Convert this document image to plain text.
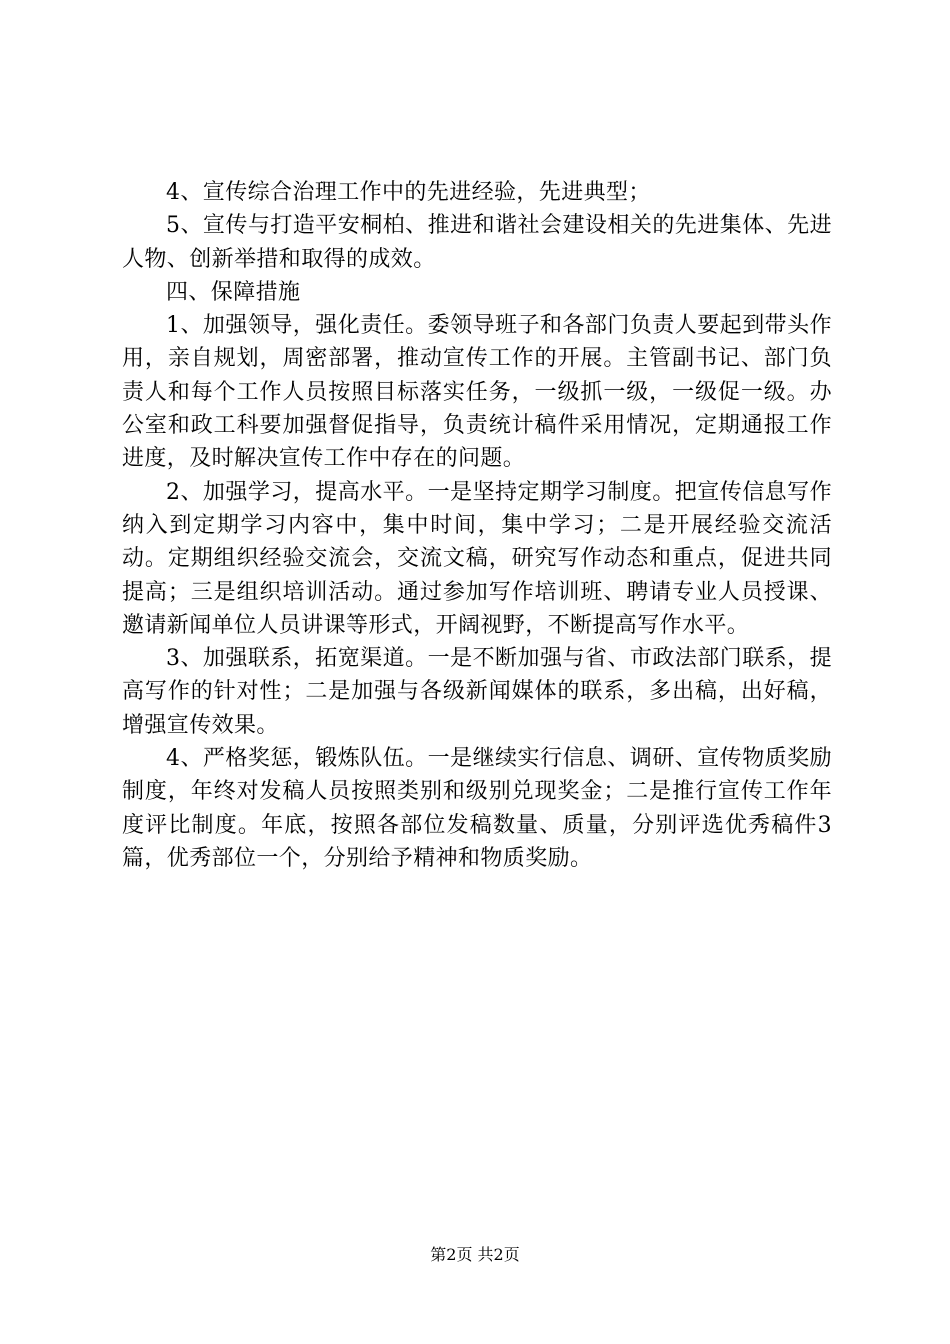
4、宣传综合治理工作中的先进经验，先进典型；

5、宣传与打造平安桐柏、推进和谐社会建设相关的先进集体、先进人物、创新举措和取得的成效。

四、保障措施

1、加强领导，强化责任。委领导班子和各部门负责人要起到带头作用，亲自规划，周密部署，推动宣传工作的开展。主管副书记、部门负责人和每个工作人员按照目标落实任务，一级抓一级，一级促一级。办公室和政工科要加强督促指导，负责统计稿件采用情况，定期通报工作进度，及时解决宣传工作中存在的问题。

2、加强学习，提高水平。一是坚持定期学习制度。把宣传信息写作纳入到定期学习内容中，集中时间，集中学习；二是开展经验交流活动。定期组织经验交流会，交流文稿，研究写作动态和重点，促进共同提高；三是组织培训活动。通过参加写作培训班、聘请专业人员授课、邀请新闻单位人员讲课等形式，开阔视野，不断提高写作水平。

3、加强联系，拓宽渠道。一是不断加强与省、市政法部门联系，提高写作的针对性；二是加强与各级新闻媒体的联系，多出稿，出好稿，增强宣传效果。

4、严格奖惩，锻炼队伍。一是继续实行信息、调研、宣传物质奖励制度，年终对发稿人员按照类别和级别兑现奖金；二是推行宣传工作年度评比制度。年底，按照各部位发稿数量、质量，分别评选优秀稿件3篇，优秀部位一个，分别给予精神和物质奖励。

第2页 共2页
